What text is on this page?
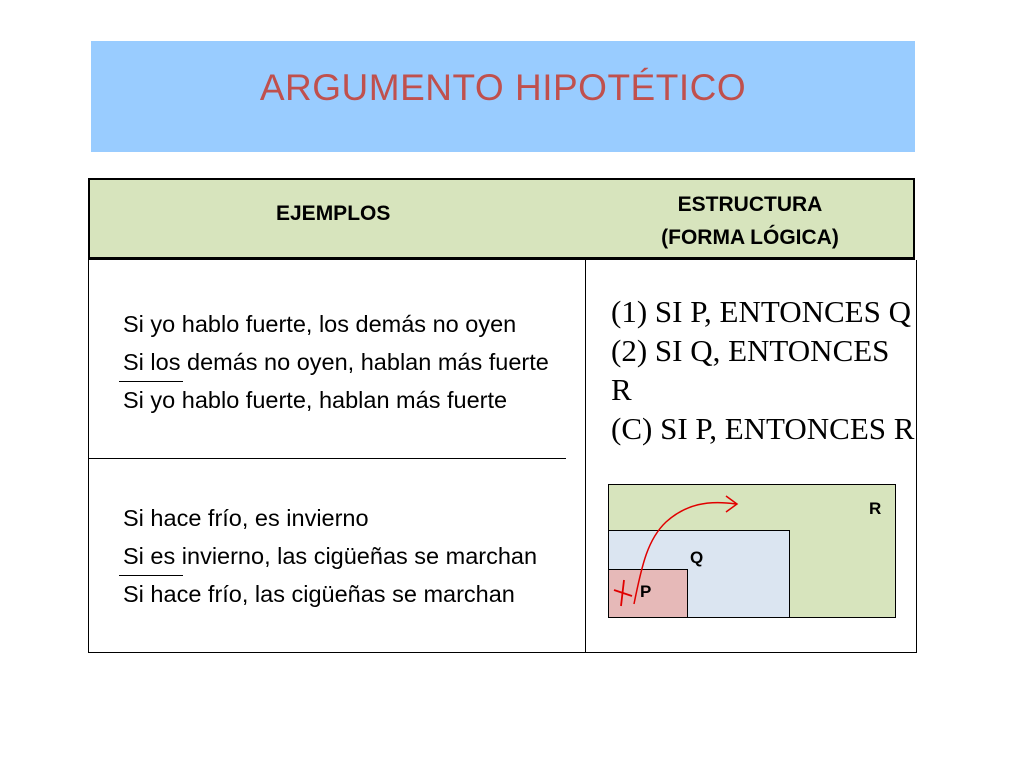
ARGUMENTO HIPOTÉTICO
EJEMPLOS	ESTRUCTURA
(FORMA LÓGICA)
Si yo hablo fuerte, los demás no oyen
Si los demás no oyen, hablan más fuerte
Si yo hablo fuerte, hablan más fuerte
Si hace frío, es invierno
Si es invierno, las cigüeñas se marchan
Si hace frío, las cigüeñas se marchan
(1) SI P, ENTONCES Q
(2) SI Q, ENTONCES R
(C) SI P, ENTONCES R
R
Q
P
